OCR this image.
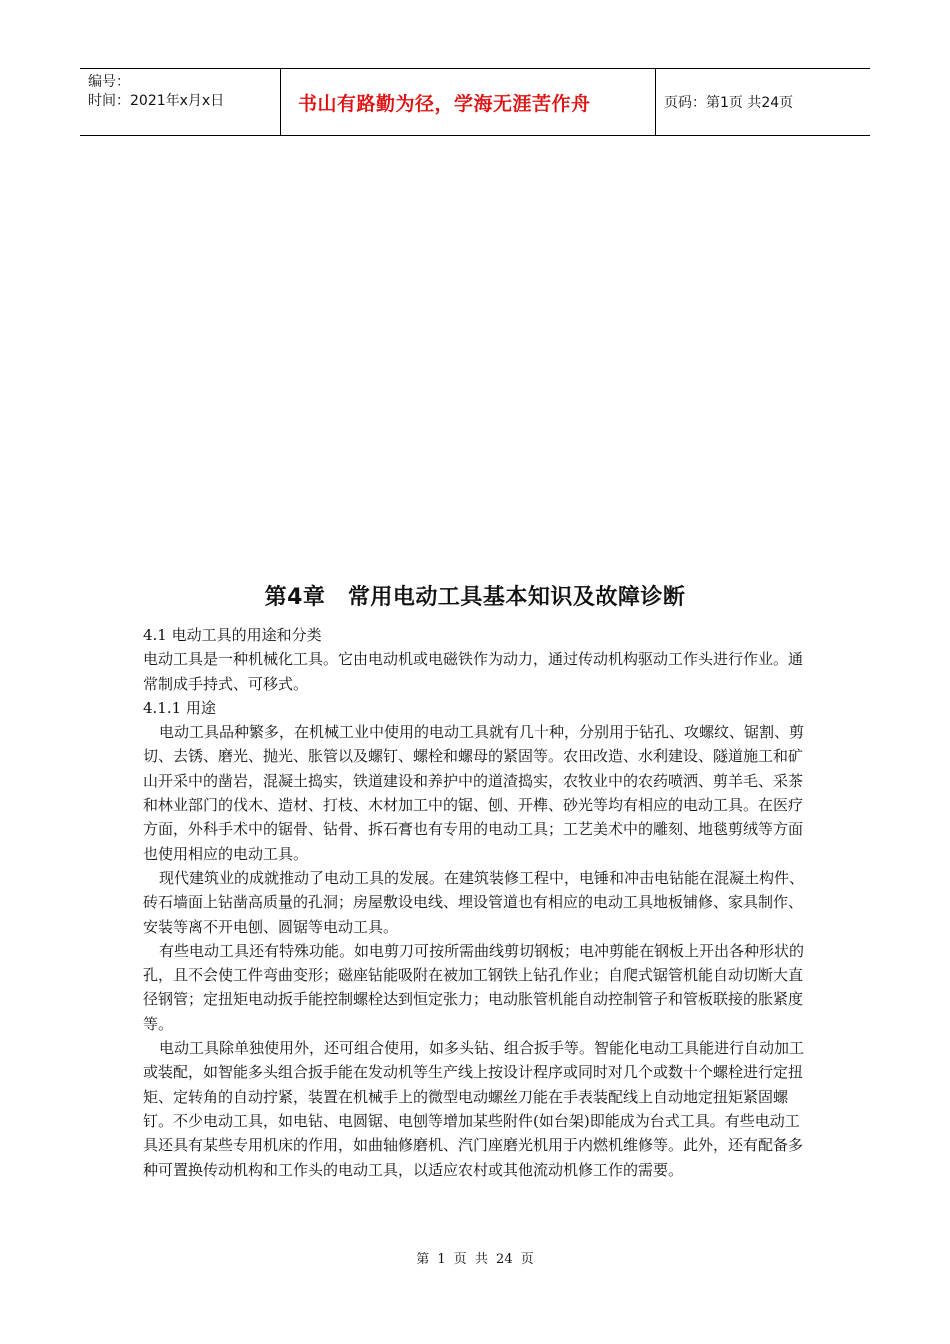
编号：
时间：2021年x月x日	书山有路勤为径，学海无涯苦作舟	页码：第1页 共24页
第4章　常用电动工具基本知识及故障诊断

4.1 电动工具的用途和分类

电动工具是一种机械化工具。它由电动机或电磁铁作为动力，通过传动机构驱动工作头进行作业。通常制成手持式、可移式。

4.1.1 用途

电动工具品种繁多，在机械工业中使用的电动工具就有几十种，分别用于钻孔、攻螺纹、锯割、剪切、去锈、磨光、抛光、胀管以及螺钉、螺栓和螺母的紧固等。农田改造、水利建设、隧道施工和矿山开采中的凿岩，混凝土捣实，铁道建设和养护中的道渣捣实，农牧业中的农药喷洒、剪羊毛、采茶和林业部门的伐木、造材、打枝、木材加工中的锯、刨、开榫、砂光等均有相应的电动工具。在医疗方面，外科手术中的锯骨、钻骨、拆石膏也有专用的电动工具；工艺美术中的雕刻、地毯剪绒等方面也使用相应的电动工具。

现代建筑业的成就推动了电动工具的发展。在建筑装修工程中，电锤和冲击电钻能在混凝土构件、砖石墙面上钻凿高质量的孔洞；房屋敷设电线、埋设管道也有相应的电动工具地板铺修、家具制作、安装等离不开电刨、圆锯等电动工具。

有些电动工具还有特殊功能。如电剪刀可按所需曲线剪切钢板；电冲剪能在钢板上开出各种形状的孔，且不会使工件弯曲变形；磁座钻能吸附在被加工钢铁上钻孔作业；自爬式锯管机能自动切断大直径钢管；定扭矩电动扳手能控制螺栓达到恒定张力；电动胀管机能自动控制管子和管板联接的胀紧度等。

电动工具除单独使用外，还可组合使用，如多头钻、组合扳手等。智能化电动工具能进行自动加工或装配，如智能多头组合扳手能在发动机等生产线上按设计程序或同时对几个或数十个螺栓进行定扭矩、定转角的自动拧紧，装置在机械手上的微型电动螺丝刀能在手表装配线上自动地定扭矩紧固螺钉。不少电动工具，如电钻、电圆锯、电刨等增加某些附件(如台架)即能成为台式工具。有些电动工具还具有某些专用机床的作用，如曲轴修磨机、汽门座磨光机用于内燃机维修等。此外，还有配备多种可置换传动机构和工作头的电动工具，以适应农村或其他流动机修工作的需要。

第 1 页 共 24 页
